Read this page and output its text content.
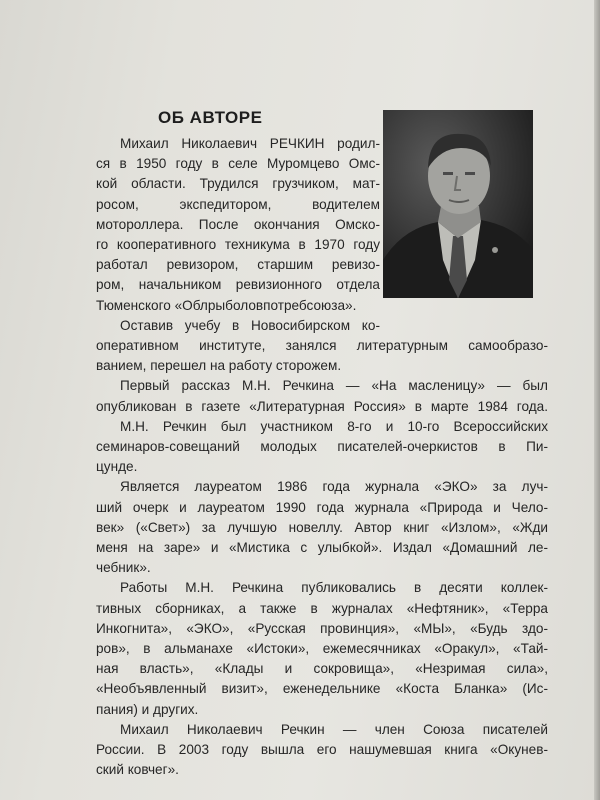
ОБ АВТОРЕ

Михаил Николаевич РЕЧКИН родил-
ся в 1950 году в селе Муромцево Омс-
кой области. Трудился грузчиком, мат-
росом, экспедитором, водителем
мотороллера. После окончания Омско-
го кооперативного техникума в 1970 году
работал ревизором, старшим ревизо-
ром, начальником ревизионного отдела
Тюменского «Облрыболовпотребсоюза».

Оставив учебу в Новосибирском ко-
оперативном институте, занялся литературным самообразо-
ванием, перешел на работу сторожем.

Первый рассказ М.Н. Речкина — «На масленицу» — был
опубликован в газете «Литературная Россия» в марте 1984 года.

М.Н. Речкин был участником 8-го и 10-го Всероссийских
семинаров-совещаний молодых писателей-очеркистов в Пи-
цунде.

Является лауреатом 1986 года журнала «ЭКО» за луч-
ший очерк и лауреатом 1990 года журнала «Природа и Чело-
век» («Свет») за лучшую новеллу. Автор книг «Излом», «Жди
меня на заре» и «Мистика с улыбкой». Издал «Домашний ле-
чебник».

Работы М.Н. Речкина публиковались в десяти коллек-
тивных сборниках, а также в журналах «Нефтяник», «Терра
Инкогнита», «ЭКО», «Русская провинция», «МЫ», «Будь здо-
ров», в альманахе «Истоки», ежемесячниках «Оракул», «Тай-
ная власть», «Клады и сокровища», «Незримая сила»,
«Необъявленный визит», еженедельнике «Коста Бланка» (Ис-
пания) и других.

Михаил Николаевич Речкин — член Союза писателей
России. В 2003 году вышла его нашумевшая книга «Окунев-
ский ковчег».
